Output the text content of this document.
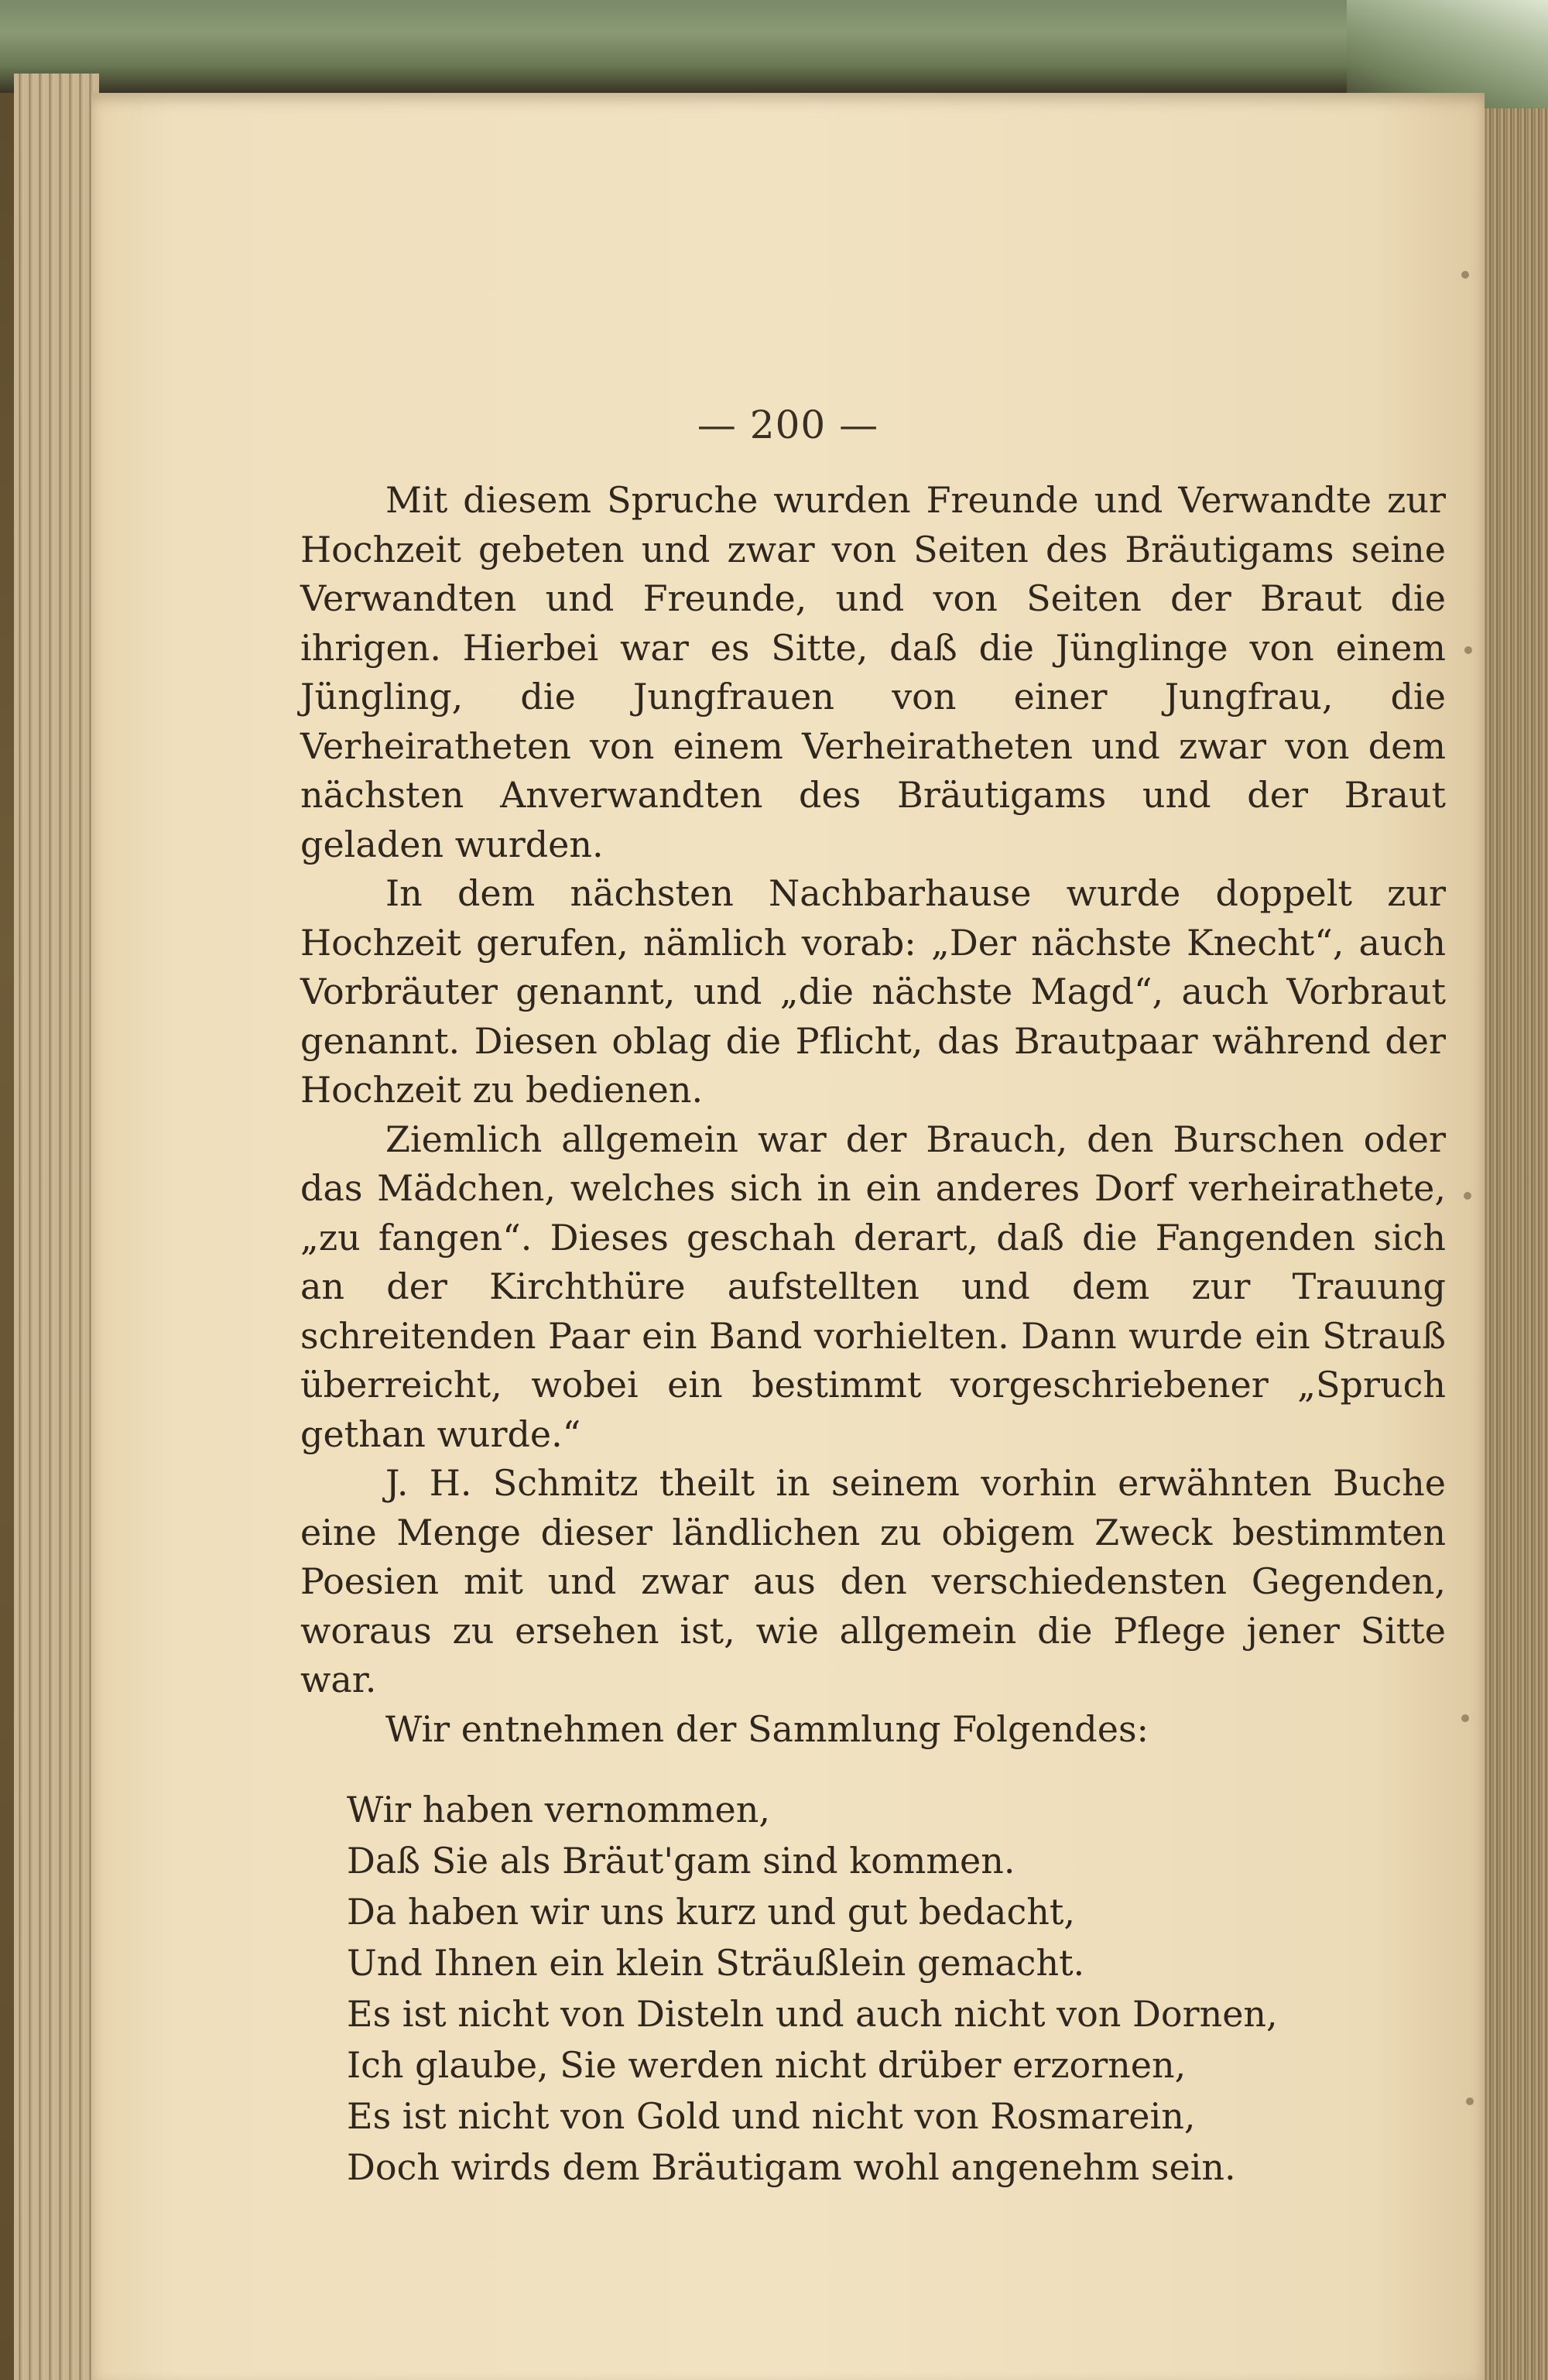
— 200 —

Mit diesem Spruche wurden Freunde und Verwandte zur Hochzeit gebeten und zwar von Seiten des Bräutigams seine Verwandten und Freunde, und von Seiten der Braut die ihrigen. Hierbei war es Sitte, daß die Jünglinge von einem Jüngling, die Jungfrauen von einer Jungfrau, die Verheiratheten von einem Verheiratheten und zwar von dem nächsten Anverwandten des Bräutigams und der Braut geladen wurden.

In dem nächsten Nachbarhause wurde doppelt zur Hochzeit gerufen, nämlich vorab: „Der nächste Knecht“, auch Vorbräuter genannt, und „die nächste Magd“, auch Vorbraut genannt. Diesen oblag die Pflicht, das Brautpaar während der Hochzeit zu bedienen.

Ziemlich allgemein war der Brauch, den Burschen oder das Mädchen, welches sich in ein anderes Dorf verheirathete, „zu fangen“. Dieses geschah derart, daß die Fangenden sich an der Kirchthüre aufstellten und dem zur Trauung schreitenden Paar ein Band vorhielten. Dann wurde ein Strauß überreicht, wobei ein bestimmt vorgeschriebener „Spruch gethan wurde.“

J. H. Schmitz theilt in seinem vorhin erwähnten Buche eine Menge dieser ländlichen zu obigem Zweck bestimmten Poesien mit und zwar aus den verschiedensten Gegenden, woraus zu ersehen ist, wie allgemein die Pflege jener Sitte war.

Wir entnehmen der Sammlung Folgendes:

Wir haben vernommen,
Daß Sie als Bräut'gam sind kommen.
Da haben wir uns kurz und gut bedacht,
Und Ihnen ein klein Sträußlein gemacht.
Es ist nicht von Disteln und auch nicht von Dornen,
Ich glaube, Sie werden nicht drüber erzornen,
Es ist nicht von Gold und nicht von Rosmarein,
Doch wirds dem Bräutigam wohl angenehm sein.
